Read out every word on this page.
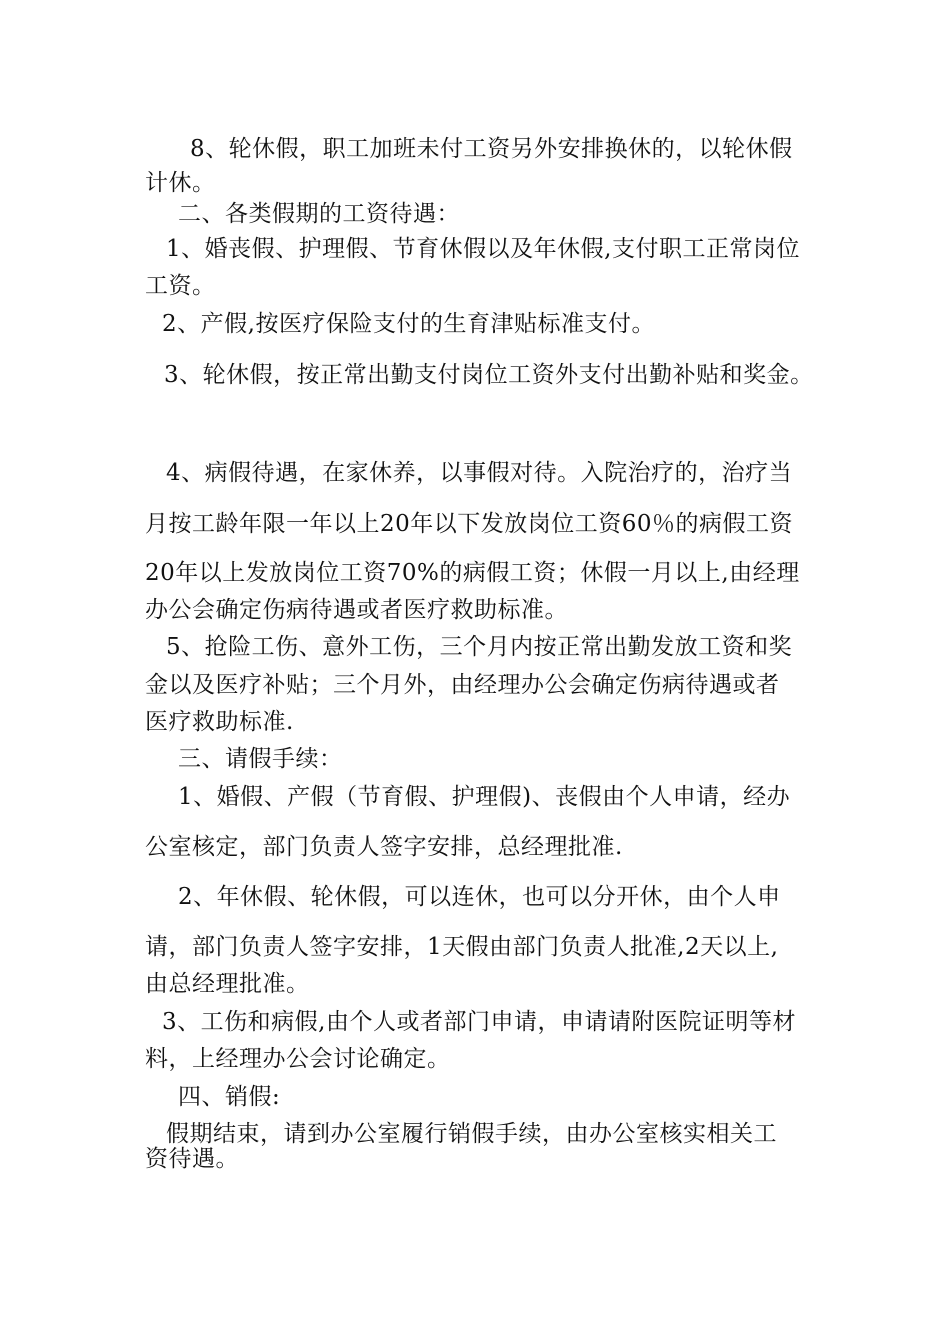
8、轮休假，职工加班未付工资另外安排换休的，以轮休假
计休。
二、各类假期的工资待遇：
1、婚丧假、护理假、节育休假以及年休假,支付职工正常岗位
工资。
2、产假,按医疗保险支付的生育津贴标准支付。
3、轮休假，按正常出勤支付岗位工资外支付出勤补贴和奖金。
4、病假待遇，在家休养，以事假对待。入院治疗的，治疗当
月按工龄年限一年以上20年以下发放岗位工资60％的病假工资
20年以上发放岗位工资70%的病假工资；休假一月以上,由经理
办公会确定伤病待遇或者医疗救助标准。
5、抢险工伤、意外工伤，三个月内按正常出勤发放工资和奖
金以及医疗补贴；三个月外，由经理办公会确定伤病待遇或者
医疗救助标准.
三、请假手续：
1、婚假、产假（节育假、护理假)、丧假由个人申请，经办
公室核定，部门负责人签字安排，总经理批准.
2、年休假、轮休假，可以连休，也可以分开休，由个人申
请，部门负责人签字安排，1天假由部门负责人批准,2天以上,
由总经理批准。
3、工伤和病假,由个人或者部门申请，申请请附医院证明等材
料，上经理办公会讨论确定。
四、销假:
假期结束，请到办公室履行销假手续，由办公室核实相关工
资待遇。
